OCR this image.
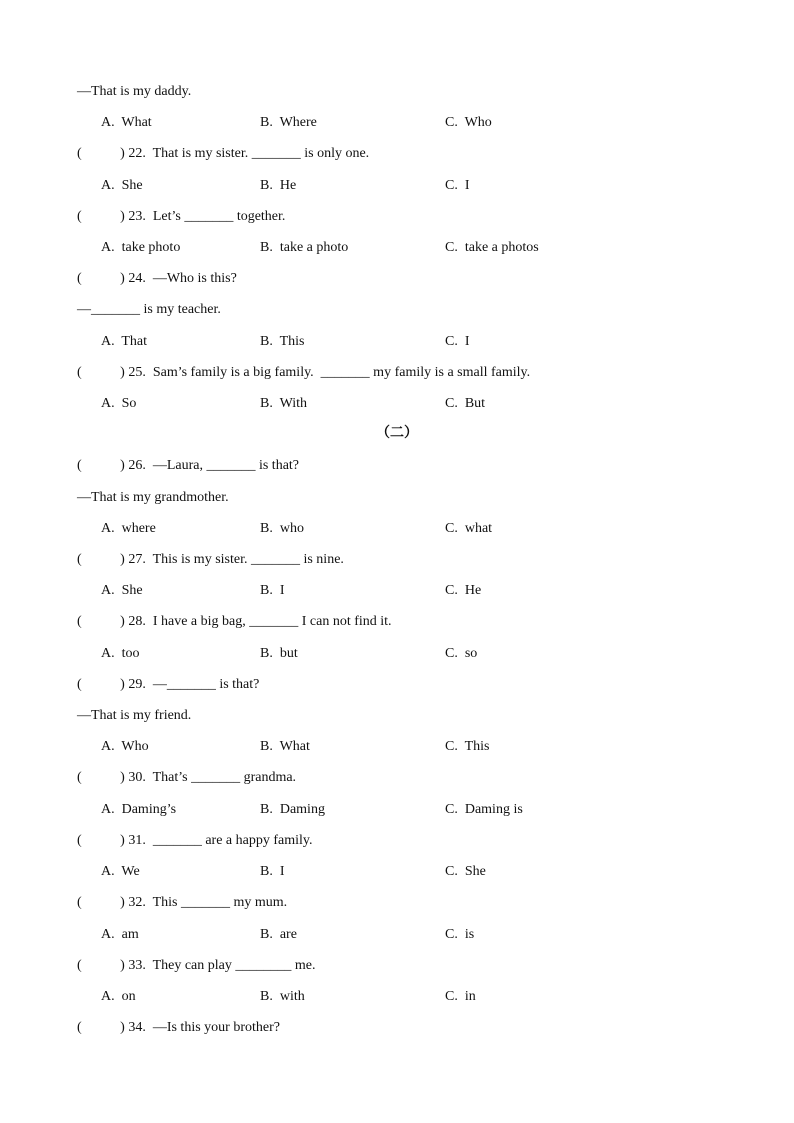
—That is my daddy.
A.  What	B.  Where	C.  Who
(           ) 22.  That is my sister. _______ is only one.
A.  She	B.  He	C.  I
(           ) 23.  Let’s _______ together.
A.  take photo	B.  take a photo	C.  take a photos
(           ) 24.  —Who is this?
—_______ is my teacher.
A.  That	B.  This	C.  I
(           ) 25.  Sam’s family is a big family.  _______ my family is a small family.
A.  So	B.  With	C.  But
（二）
(           ) 26.  —Laura, _______ is that?
—That is my grandmother.
A.  where	B.  who	C.  what
(           ) 27.  This is my sister. _______ is nine.
A.  She	B.  I	C.  He
(           ) 28.  I have a big bag, _______ I can not find it.
A.  too	B.  but	C.  so
(           ) 29.  —_______ is that?
—That is my friend.
A.  Who	B.  What	C.  This
(           ) 30.  That’s _______ grandma.
A.  Daming’s	B.  Daming	C.  Daming is
(           ) 31.  _______ are a happy family.
A.  We	B.  I	C.  She
(           ) 32.  This _______ my mum.
A.  am	B.  are	C.  is
(           ) 33.  They can play ________ me.
A.  on	B.  with	C.  in
(           ) 34.  —Is this your brother?
